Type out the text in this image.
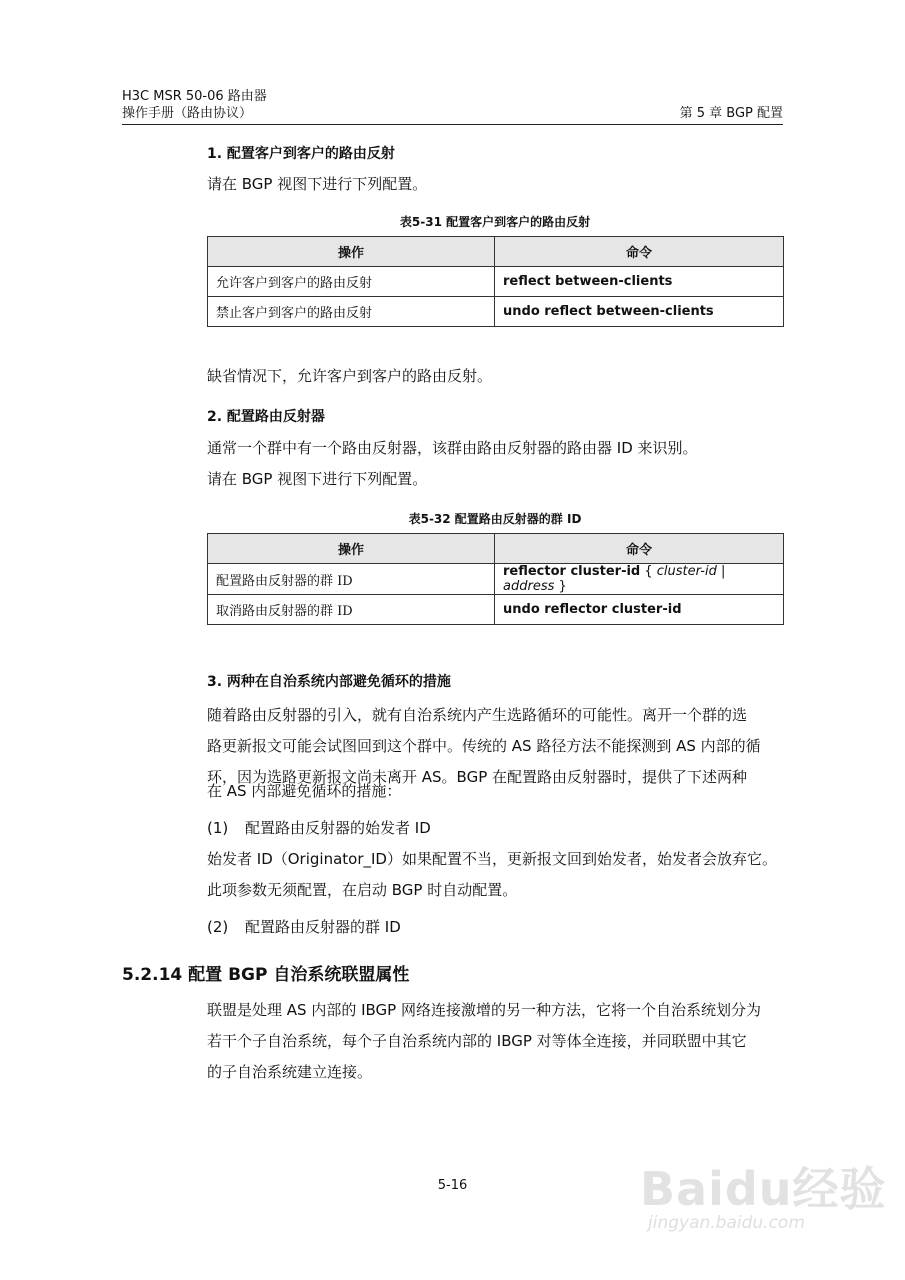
H3C MSR 50-06 路由器
操作手册（路由协议）	第 5 章 BGP 配置
1. 配置客户到客户的路由反射
请在 BGP 视图下进行下列配置。
表5-31 配置客户到客户的路由反射
操作	命令
允许客户到客户的路由反射	reflect between-clients
禁止客户到客户的路由反射	undo reflect between-clients
缺省情况下，允许客户到客户的路由反射。
2. 配置路由反射器
通常一个群中有一个路由反射器，该群由路由反射器的路由器 ID 来识别。
请在 BGP 视图下进行下列配置。
表5-32 配置路由反射器的群 ID
操作	命令
配置路由反射器的群 ID	reflector cluster-id { cluster-id | address }
取消路由反射器的群 ID	undo reflector cluster-id
3. 两种在自治系统内部避免循环的措施
随着路由反射器的引入，就有自治系统内产生选路循环的可能性。离开一个群的选
路更新报文可能会试图回到这个群中。传统的 AS 路径方法不能探测到 AS 内部的循
环，因为选路更新报文尚未离开 AS。BGP 在配置路由反射器时，提供了下述两种
在 AS 内部避免循环的措施：
(1) 配置路由反射器的始发者 ID
始发者 ID（Originator_ID）如果配置不当，更新报文回到始发者，始发者会放弃它。
此项参数无须配置，在启动 BGP 时自动配置。
(2) 配置路由反射器的群 ID
5.2.14 配置 BGP 自治系统联盟属性
联盟是处理 AS 内部的 IBGP 网络连接激增的另一种方法，它将一个自治系统划分为
若干个子自治系统，每个子自治系统内部的 IBGP 对等体全连接，并同联盟中其它
的子自治系统建立连接。
5-16	Baidu经验
jingyan.baidu.com
